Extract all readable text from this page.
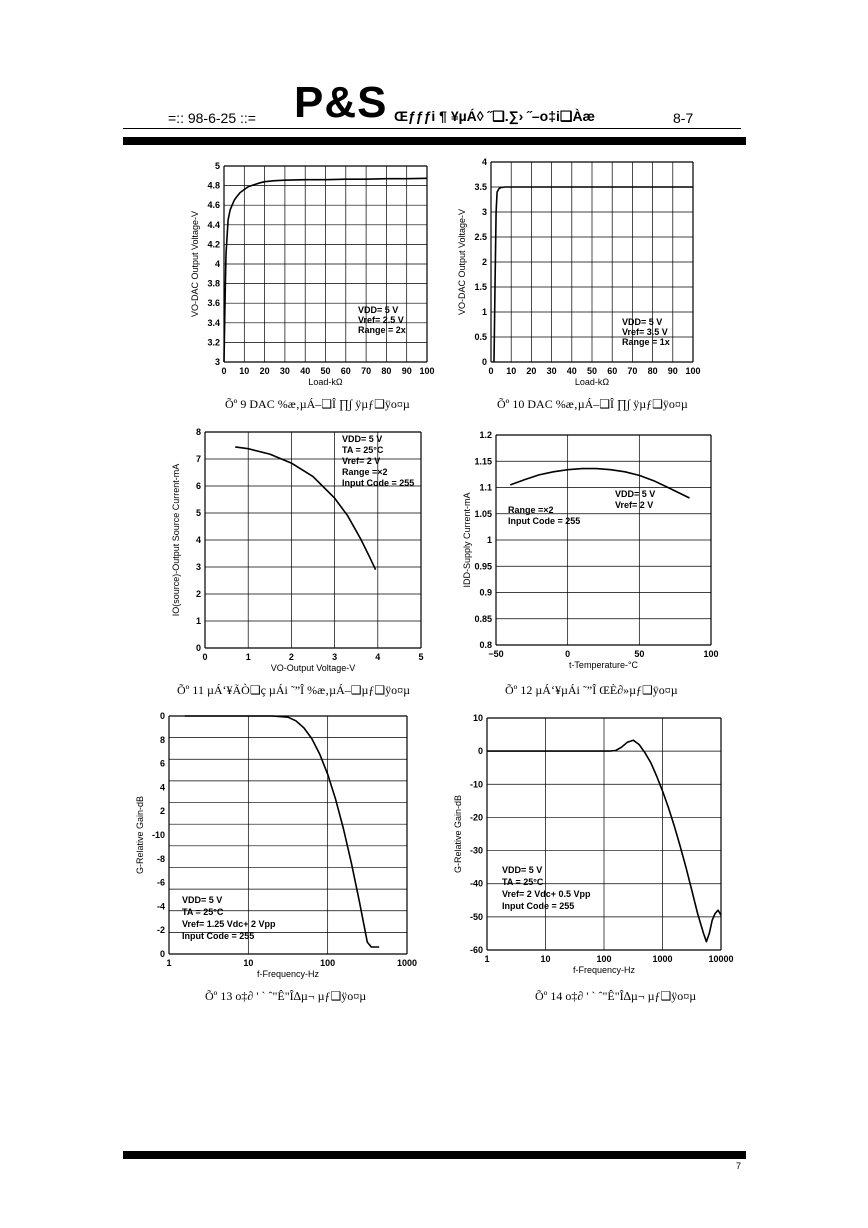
=:: 98-6-25 ::= P&S Œƒƒƒi ¶ ¥µÁ◊ ˝❑.∑› ˝–o‡i❑Àæ	8-7
0 10 20 30 40 50 60 70 80 90 100
3
3.2
3.4
3.6
3.8
4
4.2
4.4
4.6
4.8
5
Load-kΩ
VO-DAC Output Voltage-V	VDD= 5 V
Vref= 2.5 V
Range = 2x
0 10 20 30 40 50 60 70 80 90 100
0
0.5
1
1.5
2
2.5
3
3.5
4
Load-kΩ
VO-DAC Output Voltage-V
VDD= 5 V
Vref= 3.5 V
Range = 1x
0	1	2	3	4	5
0
1
2
3
4
5
6
7
8
VO-Output Voltage-V
IO(source)-Output Source Current-mA
VDD= 5 V
TA = 25°C
Vref= 2 V
Range =×2
Input Code = 255
−50	0	50	100
0.8
0.85
0.9
0.95
1
1.05
1.1
1.15
1.2
t-Temperature-°C
IDD-Supply Current-mA	VDD= 5 V
Vref= 2 V
Range =×2
Input Code = 255
1	10	100	1000
0
-2
-4
-6
-8
-10
2
4
6
8
0
f-Frequency-Hz
G-Relative Gain-dB
VDD= 5 V
TA = 25°C
Vref= 1.25 Vdc+ 2 Vpp
Input Code = 255
1	10	100	1000	10000
-60
-50
-40
-30
-20
-10
0
10
f-Frequency-Hz
G-Relative Gain-dB	VDD= 5 V
TA = 25°C
Vref= 2 Vdc+ 0.5 Vpp
Input Code = 255
Õº 9 DAC %æ‚µÁ–❑Î ∏∫ ÿµƒ❑ÿo¤µ	Õº 10 DAC %æ‚µÁ–❑Î ∏∫ ÿµƒ❑ÿo¤µ
Õº 11 µÁ‘¥ÃÒ❑ç µÁi ˜”Î %æ‚µÁ–❑µƒ❑ÿo¤µ	Õº 12 µÁ‘¥µÁi ˜”Î ŒÈ∂»µƒ❑ÿo¤µ
Õº 13 o‡∂ ' ` ˆ"Ê"Î∆µ¬ µƒ❑ÿo¤µ	Õº 14 o‡∂ ' ` ˆ"Ê"Î∆µ¬ µƒ❑ÿo¤µ
7
